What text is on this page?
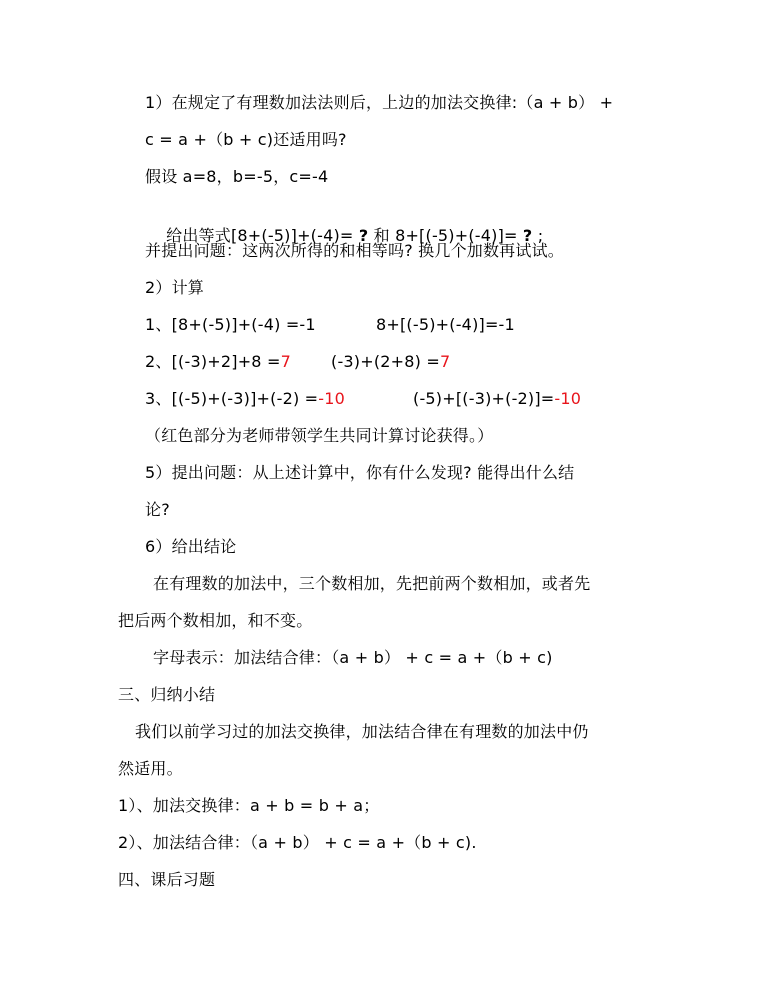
1）在规定了有理数加法法则后，上边的加法交换律:（a + b） +
c = a +（b + c)还适用吗?
假设 a=8，b=-5，c=-4

给出等式[8+(-5)]+(-4)= ? 和 8+[(-5)+(-4)]= ? ;

并提出问题：这两次所得的和相等吗? 换几个加数再试试。
2）计算
1、[8+(-5)]+(-4) =-1	8+[(-5)+(-4)]=-1
2、[(-3)+2]+8 =7	(-3)+(2+8) =7
3、[(-5)+(-3)]+(-2) =-10	(-5)+[(-3)+(-2)]=-10
（红色部分为老师带领学生共同计算讨论获得。）
5）提出问题：从上述计算中，你有什么发现? 能得出什么结
论?
6）给出结论
在有理数的加法中，三个数相加，先把前两个数相加，或者先
把后两个数相加，和不变。
字母表示：加法结合律：（a + b） + c = a +（b + c)
三、归纳小结
我们以前学习过的加法交换律，加法结合律在有理数的加法中仍
然适用。
1）、加法交换律：a + b = b + a；
2）、加法结合律：（a + b） + c = a +（b + c).
四、课后习题
